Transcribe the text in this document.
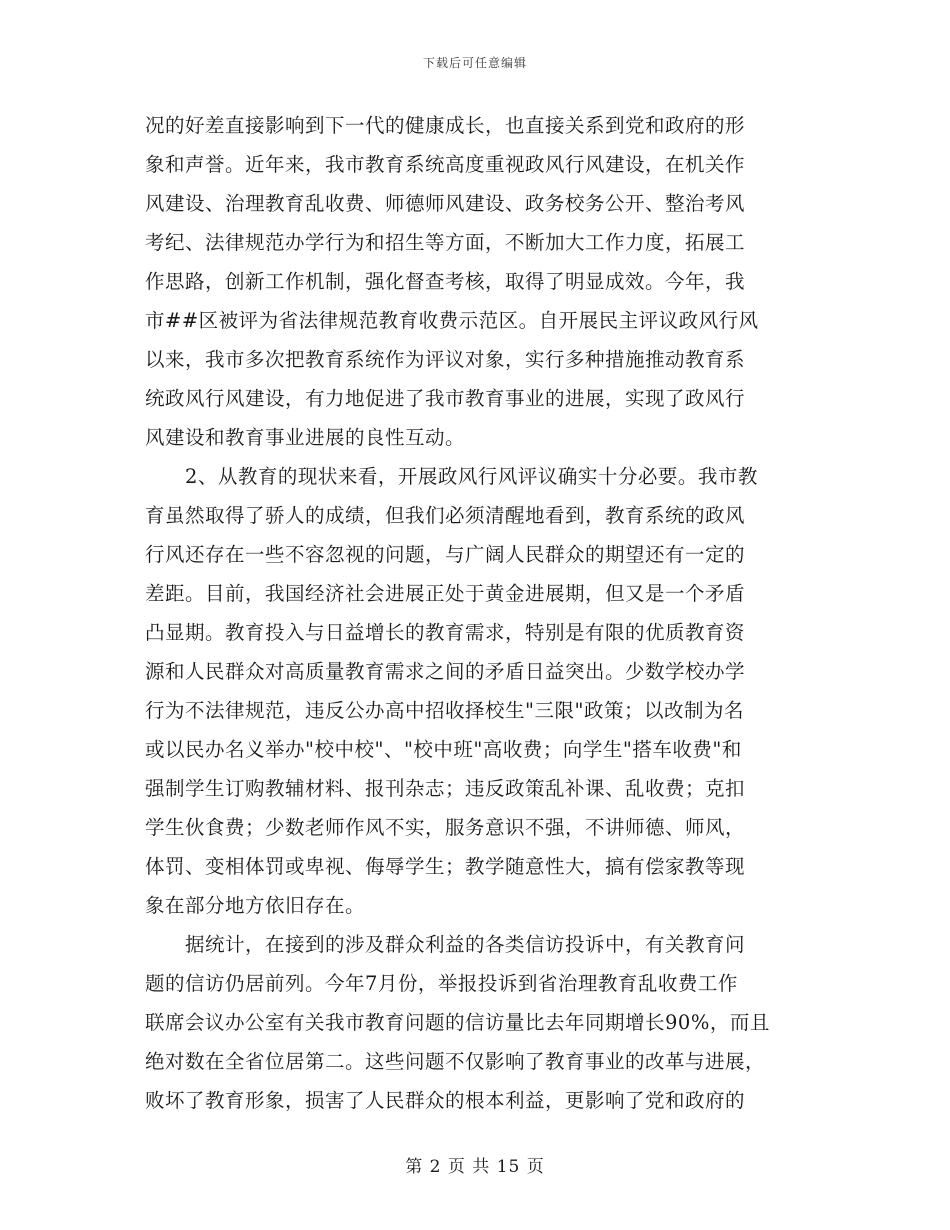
下载后可任意编辑
况的好差直接影响到下一代的健康成长，也直接关系到党和政府的形
象和声誉。近年来，我市教育系统高度重视政风行风建设，在机关作
风建设、治理教育乱收费、师德师风建设、政务校务公开、整治考风
考纪、法律规范办学行为和招生等方面，不断加大工作力度，拓展工
作思路，创新工作机制，强化督查考核，取得了明显成效。今年，我
市##区被评为省法律规范教育收费示范区。自开展民主评议政风行风
以来，我市多次把教育系统作为评议对象，实行多种措施推动教育系
统政风行风建设，有力地促进了我市教育事业的进展，实现了政风行
风建设和教育事业进展的良性互动。
　　2、从教育的现状来看，开展政风行风评议确实十分必要。我市教
育虽然取得了骄人的成绩，但我们必须清醒地看到，教育系统的政风
行风还存在一些不容忽视的问题，与广阔人民群众的期望还有一定的
差距。目前，我国经济社会进展正处于黄金进展期，但又是一个矛盾
凸显期。教育投入与日益增长的教育需求，特别是有限的优质教育资
源和人民群众对高质量教育需求之间的矛盾日益突出。少数学校办学
行为不法律规范，违反公办高中招收择校生"三限"政策；以改制为名
或以民办名义举办"校中校"、"校中班"高收费；向学生"搭车收费"和
强制学生订购教辅材料、报刊杂志；违反政策乱补课、乱收费；克扣
学生伙食费；少数老师作风不实，服务意识不强，不讲师德、师风，
体罚、变相体罚或卑视、侮辱学生；教学随意性大，搞有偿家教等现
象在部分地方依旧存在。
　　据统计，在接到的涉及群众利益的各类信访投诉中，有关教育问
题的信访仍居前列。今年7月份，举报投诉到省治理教育乱收费工作
联席会议办公室有关我市教育问题的信访量比去年同期增长90%，而且
绝对数在全省位居第二。这些问题不仅影响了教育事业的改革与进展，
败坏了教育形象，损害了人民群众的根本利益，更影响了党和政府的
第 2 页 共 15 页
